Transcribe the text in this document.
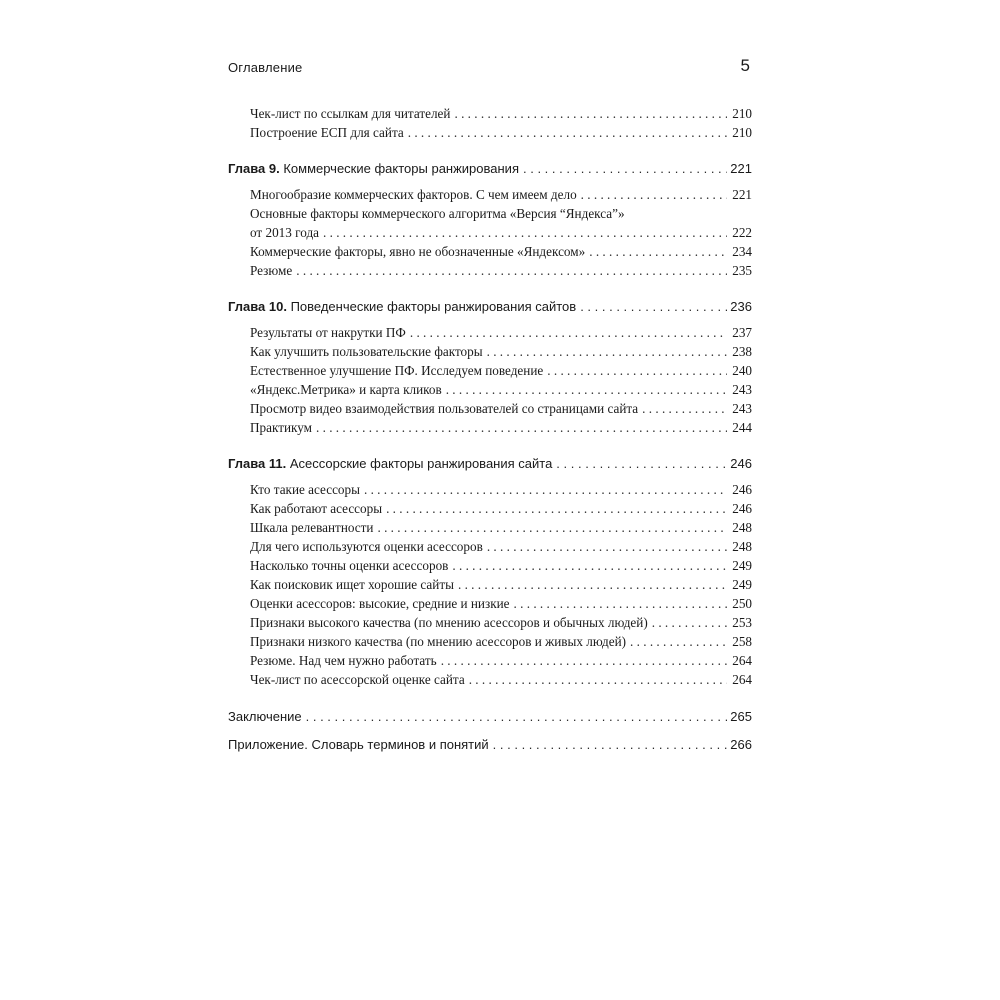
Оглавление	5
Чек-лист по ссылкам для читателей . . .	210
Построение ЕСП для сайта . . .	210
Глава 9. Коммерческие факторы ранжирования . . .	221
Многообразие коммерческих факторов. С чем имеем дело . . .	221
Основные факторы коммерческого алгоритма «Версия “Яндекса”»
от 2013 года . . .	222
Коммерческие факторы, явно не обозначенные «Яндексом» . . .	234
Резюме . . .	235
Глава 10. Поведенческие факторы ранжирования сайтов . . .	236
Результаты от накрутки ПФ . . .	237
Как улучшить пользовательские факторы . . .	238
Естественное улучшение ПФ. Исследуем поведение . . .	240
«Яндекс.Метрика» и карта кликов . . .	243
Просмотр видео взаимодействия пользователей со страницами сайта . . .	243
Практикум . . .	244
Глава 11. Асессорские факторы ранжирования сайта . . .	246
Кто такие асессоры . . .	246
Как работают асессоры . . .	246
Шкала релевантности . . .	248
Для чего используются оценки асессоров . . .	248
Насколько точны оценки асессоров . . .	249
Как поисковик ищет хорошие сайты . . .	249
Оценки асессоров: высокие, средние и низкие . . .	250
Признаки высокого качества (по мнению асессоров и обычных людей) . . .	253
Признаки низкого качества (по мнению асессоров и живых людей) . . .	258
Резюме. Над чем нужно работать . . .	264
Чек-лист по асессорской оценке сайта . . .	264
Заключение . . .	265
Приложение. Словарь терминов и понятий . . .	266
